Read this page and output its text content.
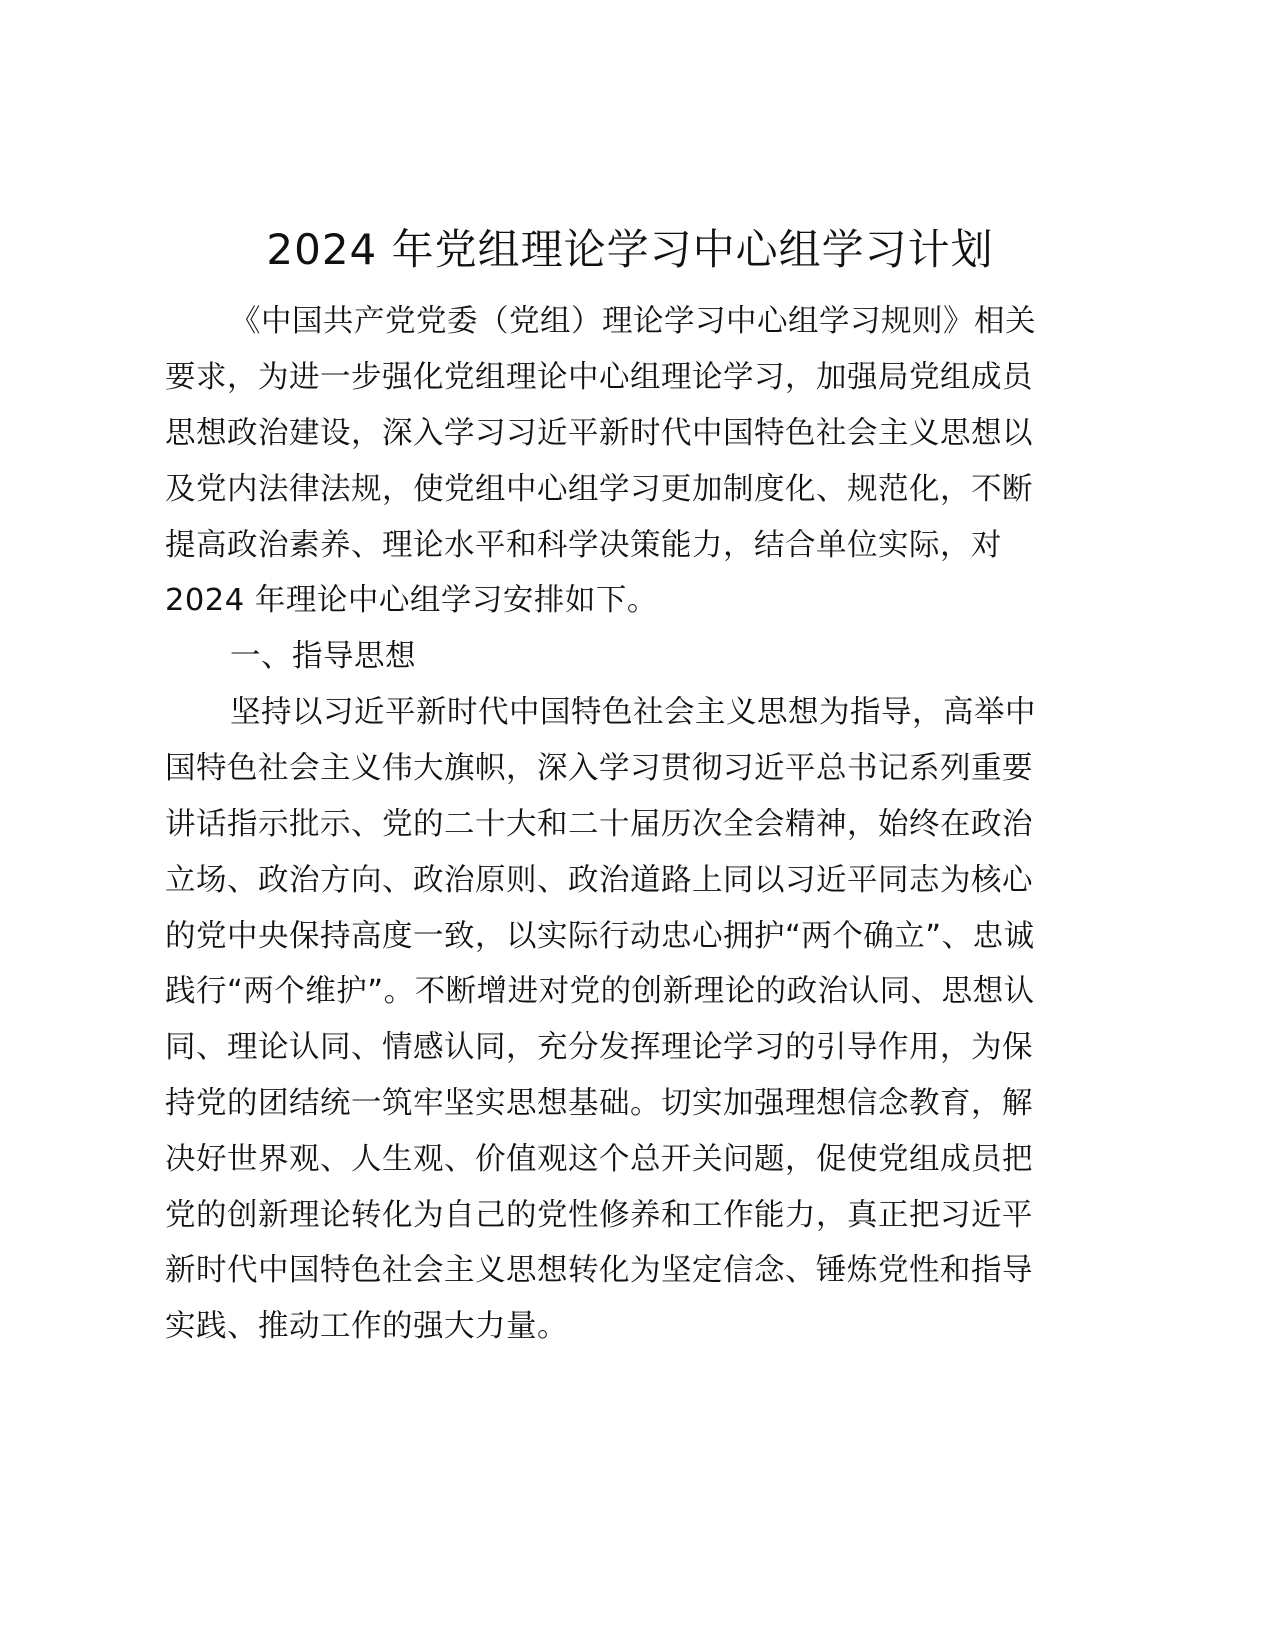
2024 年党组理论学习中心组学习计划
《中国共产党党委（党组）理论学习中心组学习规则》相关
要求，为进一步强化党组理论中心组理论学习，加强局党组成员
思想政治建设，深入学习习近平新时代中国特色社会主义思想以
及党内法律法规，使党组中心组学习更加制度化、规范化，不断
提高政治素养、理论水平和科学决策能力，结合单位实际，对
2024 年理论中心组学习安排如下。
一、指导思想
坚持以习近平新时代中国特色社会主义思想为指导，高举中
国特色社会主义伟大旗帜，深入学习贯彻习近平总书记系列重要
讲话指示批示、党的二十大和二十届历次全会精神，始终在政治
立场、政治方向、政治原则、政治道路上同以习近平同志为核心
的党中央保持高度一致，以实际行动忠心拥护“两个确立”、忠诚
践行“两个维护”。不断增进对党的创新理论的政治认同、思想认
同、理论认同、情感认同，充分发挥理论学习的引导作用，为保
持党的团结统一筑牢坚实思想基础。切实加强理想信念教育，解
决好世界观、人生观、价值观这个总开关问题，促使党组成员把
党的创新理论转化为自己的党性修养和工作能力，真正把习近平
新时代中国特色社会主义思想转化为坚定信念、锤炼党性和指导
实践、推动工作的强大力量。
